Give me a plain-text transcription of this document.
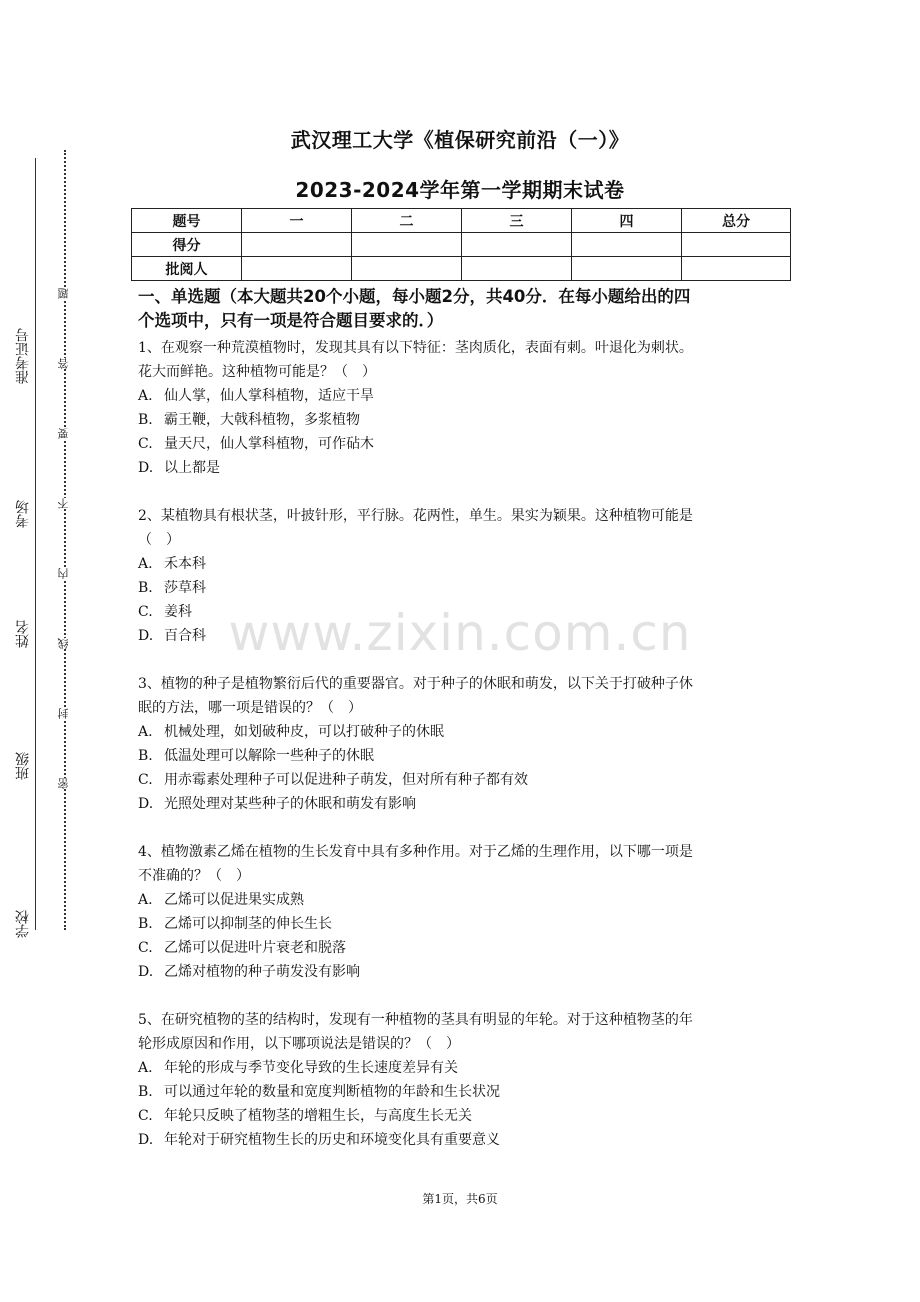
准考证号
考场
姓名
班级
学校
题
答
要
不
内
线
封
密
武汉理工大学《植保研究前沿（一）》
2023-2024学年第一学期期末试卷
题号	一	二	三	四	总分
得分					
批阅人					
一、单选题（本大题共20个小题，每小题2分，共40分．在每小题给出的四
个选项中，只有一项是符合题目要求的．）

1、在观察一种荒漠植物时，发现其具有以下特征：茎肉质化，表面有刺。叶退化为刺状。

花大而鲜艳。这种植物可能是？（　）

A. 仙人掌，仙人掌科植物，适应干旱

B. 霸王鞭，大戟科植物，多浆植物

C. 量天尺，仙人掌科植物，可作砧木

D. 以上都是

2、某植物具有根状茎，叶披针形，平行脉。花两性，单生。果实为颖果。这种植物可能是

（　）

A. 禾本科

B. 莎草科

C. 姜科

D. 百合科

3、植物的种子是植物繁衍后代的重要器官。对于种子的休眠和萌发，以下关于打破种子休

眠的方法，哪一项是错误的？（　）

A. 机械处理，如划破种皮，可以打破种子的休眠

B. 低温处理可以解除一些种子的休眠

C. 用赤霉素处理种子可以促进种子萌发，但对所有种子都有效

D. 光照处理对某些种子的休眠和萌发有影响

4、植物激素乙烯在植物的生长发育中具有多种作用。对于乙烯的生理作用，以下哪一项是

不准确的？（　）

A. 乙烯可以促进果实成熟

B. 乙烯可以抑制茎的伸长生长

C. 乙烯可以促进叶片衰老和脱落

D. 乙烯对植物的种子萌发没有影响

5、在研究植物的茎的结构时，发现有一种植物的茎具有明显的年轮。对于这种植物茎的年

轮形成原因和作用，以下哪项说法是错误的？（　）

A. 年轮的形成与季节变化导致的生长速度差异有关

B. 可以通过年轮的数量和宽度判断植物的年龄和生长状况

C. 年轮只反映了植物茎的增粗生长，与高度生长无关

D. 年轮对于研究植物生长的历史和环境变化具有重要意义

www.zixin.com.cn
第1页，共6页
